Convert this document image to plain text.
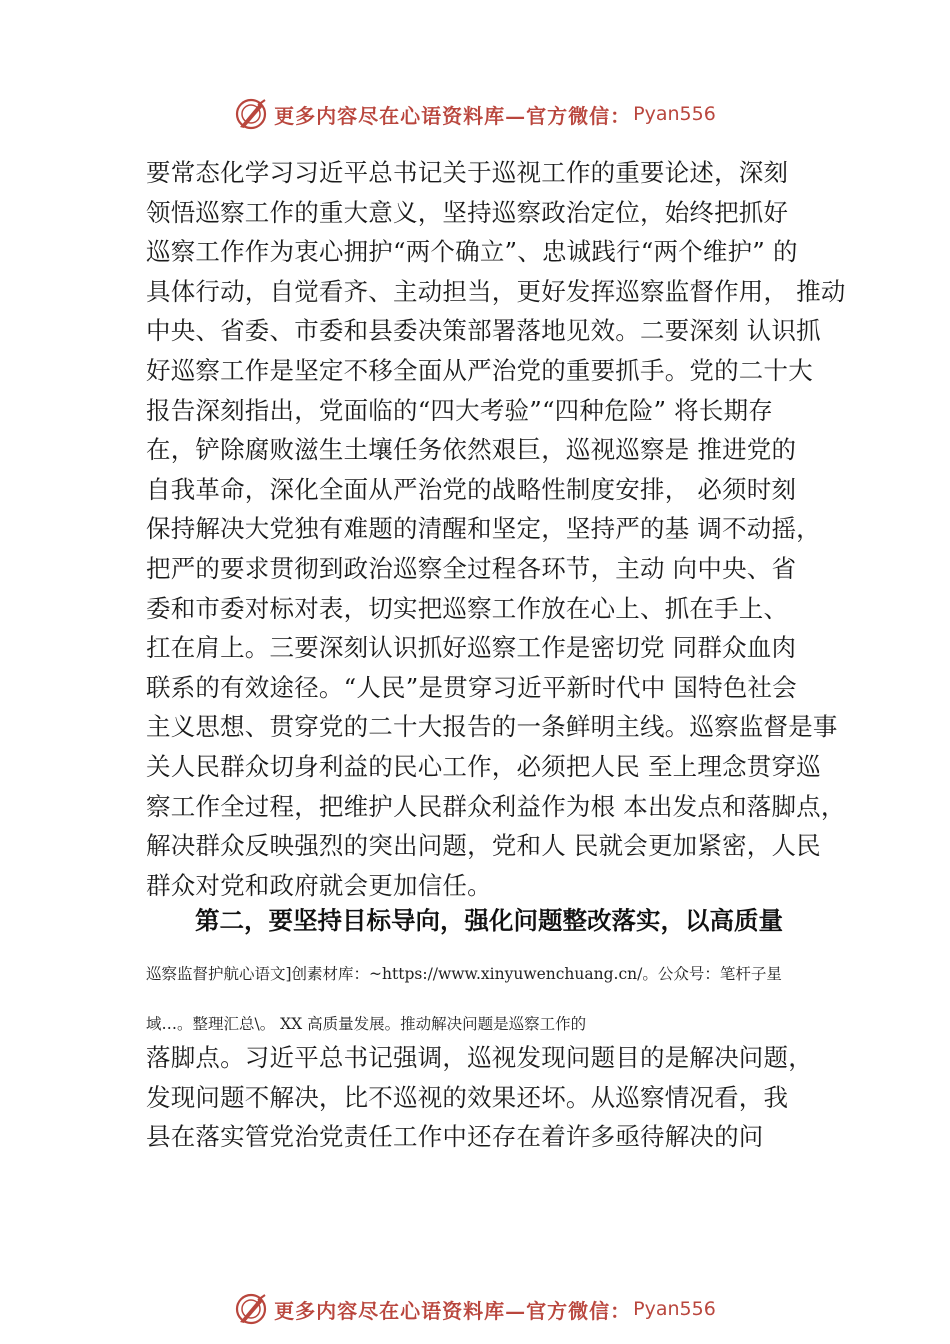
更多内容尽在心语资料库—官方微信： Pyan556
要常态化学习习近平总书记关于巡视工作的重要论述，深刻
领悟巡察工作的重大意义，坚持巡察政治定位，始终把抓好
巡察工作作为衷心拥护“两个确立”、忠诚践行“两个维护” 的
具体行动，自觉看齐、主动担当，更好发挥巡察监督作用， 推动
中央、省委、市委和县委决策部署落地见效。二要深刻 认识抓
好巡察工作是坚定不移全面从严治党的重要抓手。党的二十大
报告深刻指出，党面临的“四大考验”“四种危险” 将长期存
在，铲除腐败滋生土壤任务依然艰巨，巡视巡察是 推进党的
自我革命，深化全面从严治党的战略性制度安排， 必须时刻
保持解决大党独有难题的清醒和坚定，坚持严的基 调不动摇，
把严的要求贯彻到政治巡察全过程各环节，主动 向中央、省
委和市委对标对表，切实把巡察工作放在心上、抓在手上、
扛在肩上。三要深刻认识抓好巡察工作是密切党 同群众血肉
联系的有效途径。“人民”是贯穿习近平新时代中 国特色社会
主义思想、贯穿党的二十大报告的一条鲜明主线。巡察监督是事
关人民群众切身利益的民心工作，必须把人民 至上理念贯穿巡
察工作全过程，把维护人民群众利益作为根 本出发点和落脚点，
解决群众反映强烈的突出问题，党和人 民就会更加紧密，人民
群众对党和政府就会更加信任。
第二，要坚持目标导向，强化问题整改落实，以高质量
巡察监督护航心语文]创素材库：~https://www.xinyuwenchuang.cn/。公众号：笔杆子星
域…。整理汇总\。 XX 高质量发展。推动解决问题是巡察工作的
落脚点。习近平总书记强调，巡视发现问题目的是解决问题，
发现问题不解决，比不巡视的效果还坏。从巡察情况看，我
县在落实管党治党责任工作中还存在着许多亟待解决的问
更多内容尽在心语资料库—官方微信： Pyan556
